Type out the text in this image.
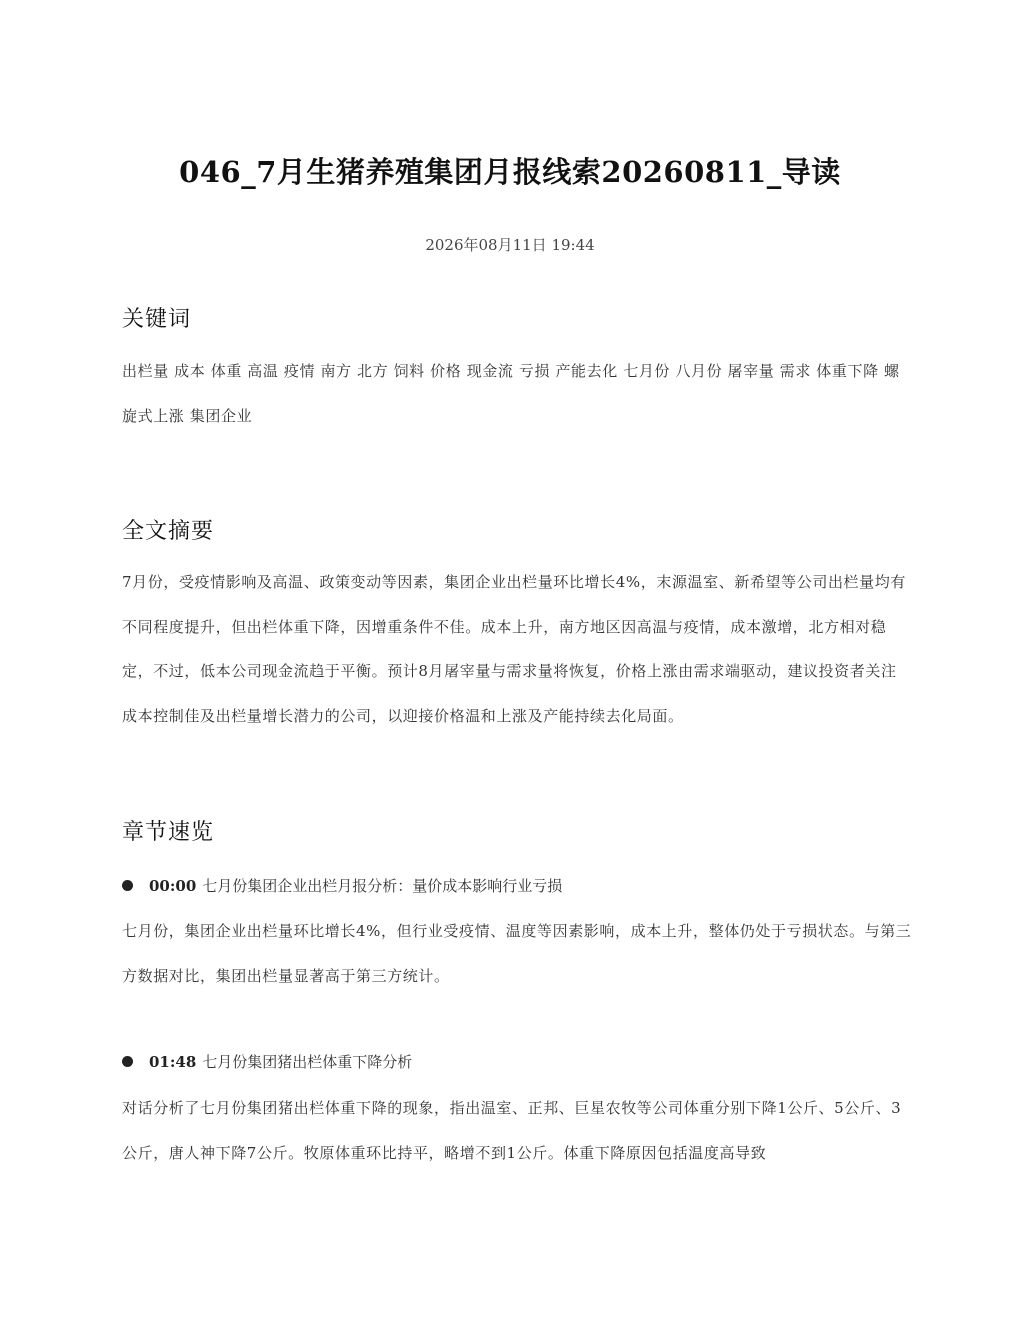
046_7月生猪养殖集团月报线索20260811_导读
2026年08月11日 19:44
关键词
出栏量 成本 体重 高温 疫情 南方 北方 饲料 价格 现金流 亏损 产能去化 七月份 八月份 屠宰量 需求 体重下降 螺旋式上涨 集团企业
全文摘要
7月份，受疫情影响及高温、政策变动等因素，集团企业出栏量环比增长4%，末源温室、新希望等公司出栏量均有不同程度提升，但出栏体重下降，因增重条件不佳。成本上升，南方地区因高温与疫情，成本激增，北方相对稳定，不过，低本公司现金流趋于平衡。预计8月屠宰量与需求量将恢复，价格上涨由需求端驱动，建议投资者关注成本控制佳及出栏量增长潜力的公司，以迎接价格温和上涨及产能持续去化局面。
章节速览
00:00 七月份集团企业出栏月报分析：量价成本影响行业亏损
七月份，集团企业出栏量环比增长4%，但行业受疫情、温度等因素影响，成本上升，整体仍处于亏损状态。与第三方数据对比，集团出栏量显著高于第三方统计。
01:48 七月份集团猪出栏体重下降分析
对话分析了七月份集团猪出栏体重下降的现象，指出温室、正邦、巨星农牧等公司体重分别下降1公斤、5公斤、3公斤，唐人神下降7公斤。牧原体重环比持平，略增不到1公斤。体重下降原因包括温度高导致
